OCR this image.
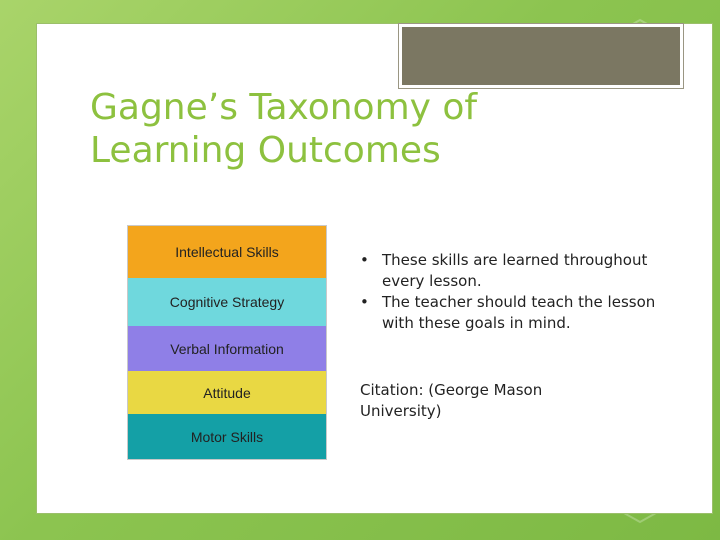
Gagne’s Taxonomy of Learning Outcomes
Intellectual Skills
Cognitive Strategy
Verbal Information
Attitude
Motor Skills
• These skills are learned throughout every lesson.
• The teacher should teach the lesson with these goals in mind.
Citation: (George Mason University)
